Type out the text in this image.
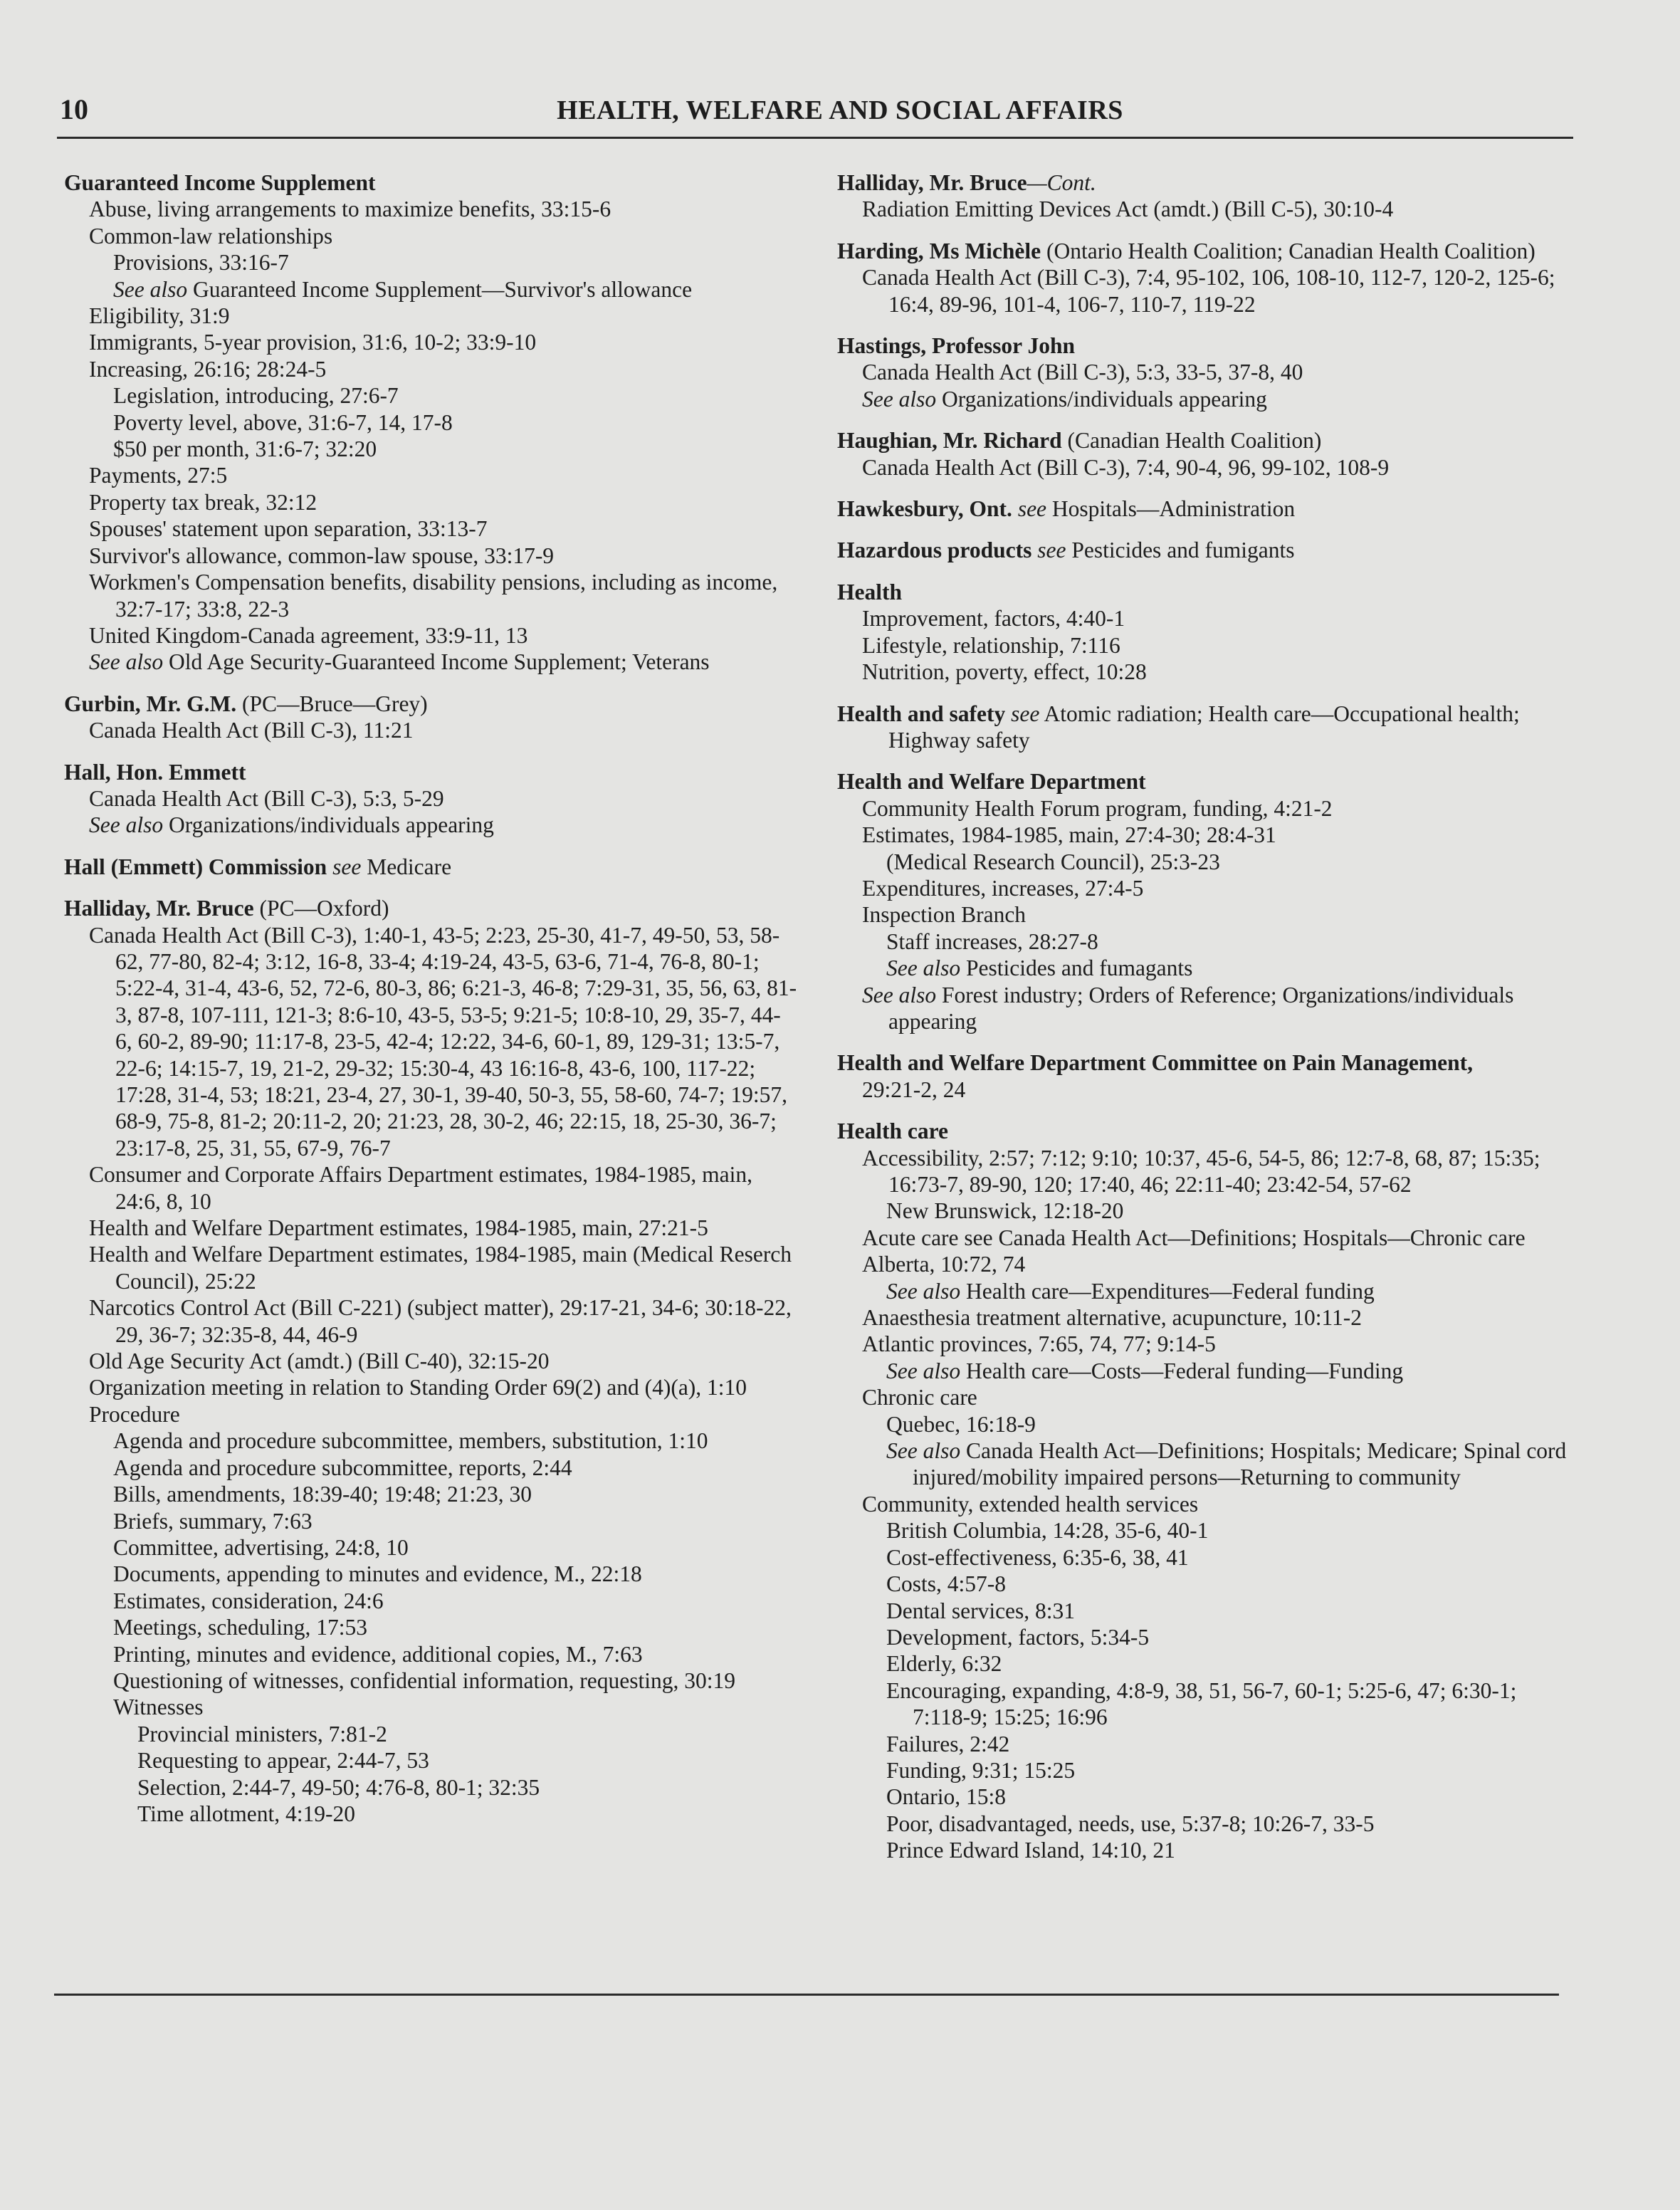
10	HEALTH, WELFARE AND SOCIAL AFFAIRS
Guaranteed Income Supplement
Abuse, living arrangements to maximize benefits, 33:15-6
Common-law relationships
Provisions, 33:16-7
See also Guaranteed Income Supplement—Survivor's allowance
Eligibility, 31:9
Immigrants, 5-year provision, 31:6, 10-2; 33:9-10
Increasing, 26:16; 28:24-5
Legislation, introducing, 27:6-7
Poverty level, above, 31:6-7, 14, 17-8
$50 per month, 31:6-7; 32:20
Payments, 27:5
Property tax break, 32:12
Spouses' statement upon separation, 33:13-7
Survivor's allowance, common-law spouse, 33:17-9
Workmen's Compensation benefits, disability pensions, including as income, 32:7-17; 33:8, 22-3
United Kingdom-Canada agreement, 33:9-11, 13
See also Old Age Security-Guaranteed Income Supplement; Veterans
Gurbin, Mr. G.M. (PC—Bruce—Grey)
Canada Health Act (Bill C-3), 11:21
Hall, Hon. Emmett
Canada Health Act (Bill C-3), 5:3, 5-29
See also Organizations/individuals appearing
Hall (Emmett) Commission see Medicare
Halliday, Mr. Bruce (PC—Oxford)
Canada Health Act (Bill C-3), 1:40-1, 43-5; 2:23, 25-30, 41-7, 49-50, 53, 58-62, 77-80, 82-4; 3:12, 16-8, 33-4; 4:19-24, 43-5, 63-6, 71-4, 76-8, 80-1; 5:22-4, 31-4, 43-6, 52, 72-6, 80-3, 86; 6:21-3, 46-8; 7:29-31, 35, 56, 63, 81-3, 87-8, 107-111, 121-3; 8:6-10, 43-5, 53-5; 9:21-5; 10:8-10, 29, 35-7, 44-6, 60-2, 89-90; 11:17-8, 23-5, 42-4; 12:22, 34-6, 60-1, 89, 129-31; 13:5-7, 22-6; 14:15-7, 19, 21-2, 29-32; 15:30-4, 43 16:16-8, 43-6, 100, 117-22; 17:28, 31-4, 53; 18:21, 23-4, 27, 30-1, 39-40, 50-3, 55, 58-60, 74-7; 19:57, 68-9, 75-8, 81-2; 20:11-2, 20; 21:23, 28, 30-2, 46; 22:15, 18, 25-30, 36-7; 23:17-8, 25, 31, 55, 67-9, 76-7
Consumer and Corporate Affairs Department estimates, 1984-1985, main, 24:6, 8, 10
Health and Welfare Department estimates, 1984-1985, main, 27:21-5
Health and Welfare Department estimates, 1984-1985, main (Medical Reserch Council), 25:22
Narcotics Control Act (Bill C-221) (subject matter), 29:17-21, 34-6; 30:18-22, 29, 36-7; 32:35-8, 44, 46-9
Old Age Security Act (amdt.) (Bill C-40), 32:15-20
Organization meeting in relation to Standing Order 69(2) and (4)(a), 1:10
Procedure
Agenda and procedure subcommittee, members, substitution, 1:10
Agenda and procedure subcommittee, reports, 2:44
Bills, amendments, 18:39-40; 19:48; 21:23, 30
Briefs, summary, 7:63
Committee, advertising, 24:8, 10
Documents, appending to minutes and evidence, M., 22:18
Estimates, consideration, 24:6
Meetings, scheduling, 17:53
Printing, minutes and evidence, additional copies, M., 7:63
Questioning of witnesses, confidential information, requesting, 30:19
Witnesses
Provincial ministers, 7:81-2
Requesting to appear, 2:44-7, 53
Selection, 2:44-7, 49-50; 4:76-8, 80-1; 32:35
Time allotment, 4:19-20
Halliday, Mr. Bruce—Cont.
Radiation Emitting Devices Act (amdt.) (Bill C-5), 30:10-4
Harding, Ms Michèle (Ontario Health Coalition; Canadian Health Coalition)
Canada Health Act (Bill C-3), 7:4, 95-102, 106, 108-10, 112-7, 120-2, 125-6; 16:4, 89-96, 101-4, 106-7, 110-7, 119-22
Hastings, Professor John
Canada Health Act (Bill C-3), 5:3, 33-5, 37-8, 40
See also Organizations/individuals appearing
Haughian, Mr. Richard (Canadian Health Coalition)
Canada Health Act (Bill C-3), 7:4, 90-4, 96, 99-102, 108-9
Hawkesbury, Ont. see Hospitals—Administration
Hazardous products see Pesticides and fumigants
Health
Improvement, factors, 4:40-1
Lifestyle, relationship, 7:116
Nutrition, poverty, effect, 10:28
Health and safety see Atomic radiation; Health care—Occupational health; Highway safety
Health and Welfare Department
Community Health Forum program, funding, 4:21-2
Estimates, 1984-1985, main, 27:4-30; 28:4-31
(Medical Research Council), 25:3-23
Expenditures, increases, 27:4-5
Inspection Branch
Staff increases, 28:27-8
See also Pesticides and fumagants
See also Forest industry; Orders of Reference; Organizations/individuals appearing
Health and Welfare Department Committee on Pain Management,
29:21-2, 24
Health care
Accessibility, 2:57; 7:12; 9:10; 10:37, 45-6, 54-5, 86; 12:7-8, 68, 87; 15:35; 16:73-7, 89-90, 120; 17:40, 46; 22:11-40; 23:42-54, 57-62
New Brunswick, 12:18-20
Acute care see Canada Health Act—Definitions; Hospitals—Chronic care
Alberta, 10:72, 74
See also Health care—Expenditures—Federal funding
Anaesthesia treatment alternative, acupuncture, 10:11-2
Atlantic provinces, 7:65, 74, 77; 9:14-5
See also Health care—Costs—Federal funding—Funding
Chronic care
Quebec, 16:18-9
See also Canada Health Act—Definitions; Hospitals; Medicare; Spinal cord injured/mobility impaired persons—Returning to community
Community, extended health services
British Columbia, 14:28, 35-6, 40-1
Cost-effectiveness, 6:35-6, 38, 41
Costs, 4:57-8
Dental services, 8:31
Development, factors, 5:34-5
Elderly, 6:32
Encouraging, expanding, 4:8-9, 38, 51, 56-7, 60-1; 5:25-6, 47; 6:30-1; 7:118-9; 15:25; 16:96
Failures, 2:42
Funding, 9:31; 15:25
Ontario, 15:8
Poor, disadvantaged, needs, use, 5:37-8; 10:26-7, 33-5
Prince Edward Island, 14:10, 21
